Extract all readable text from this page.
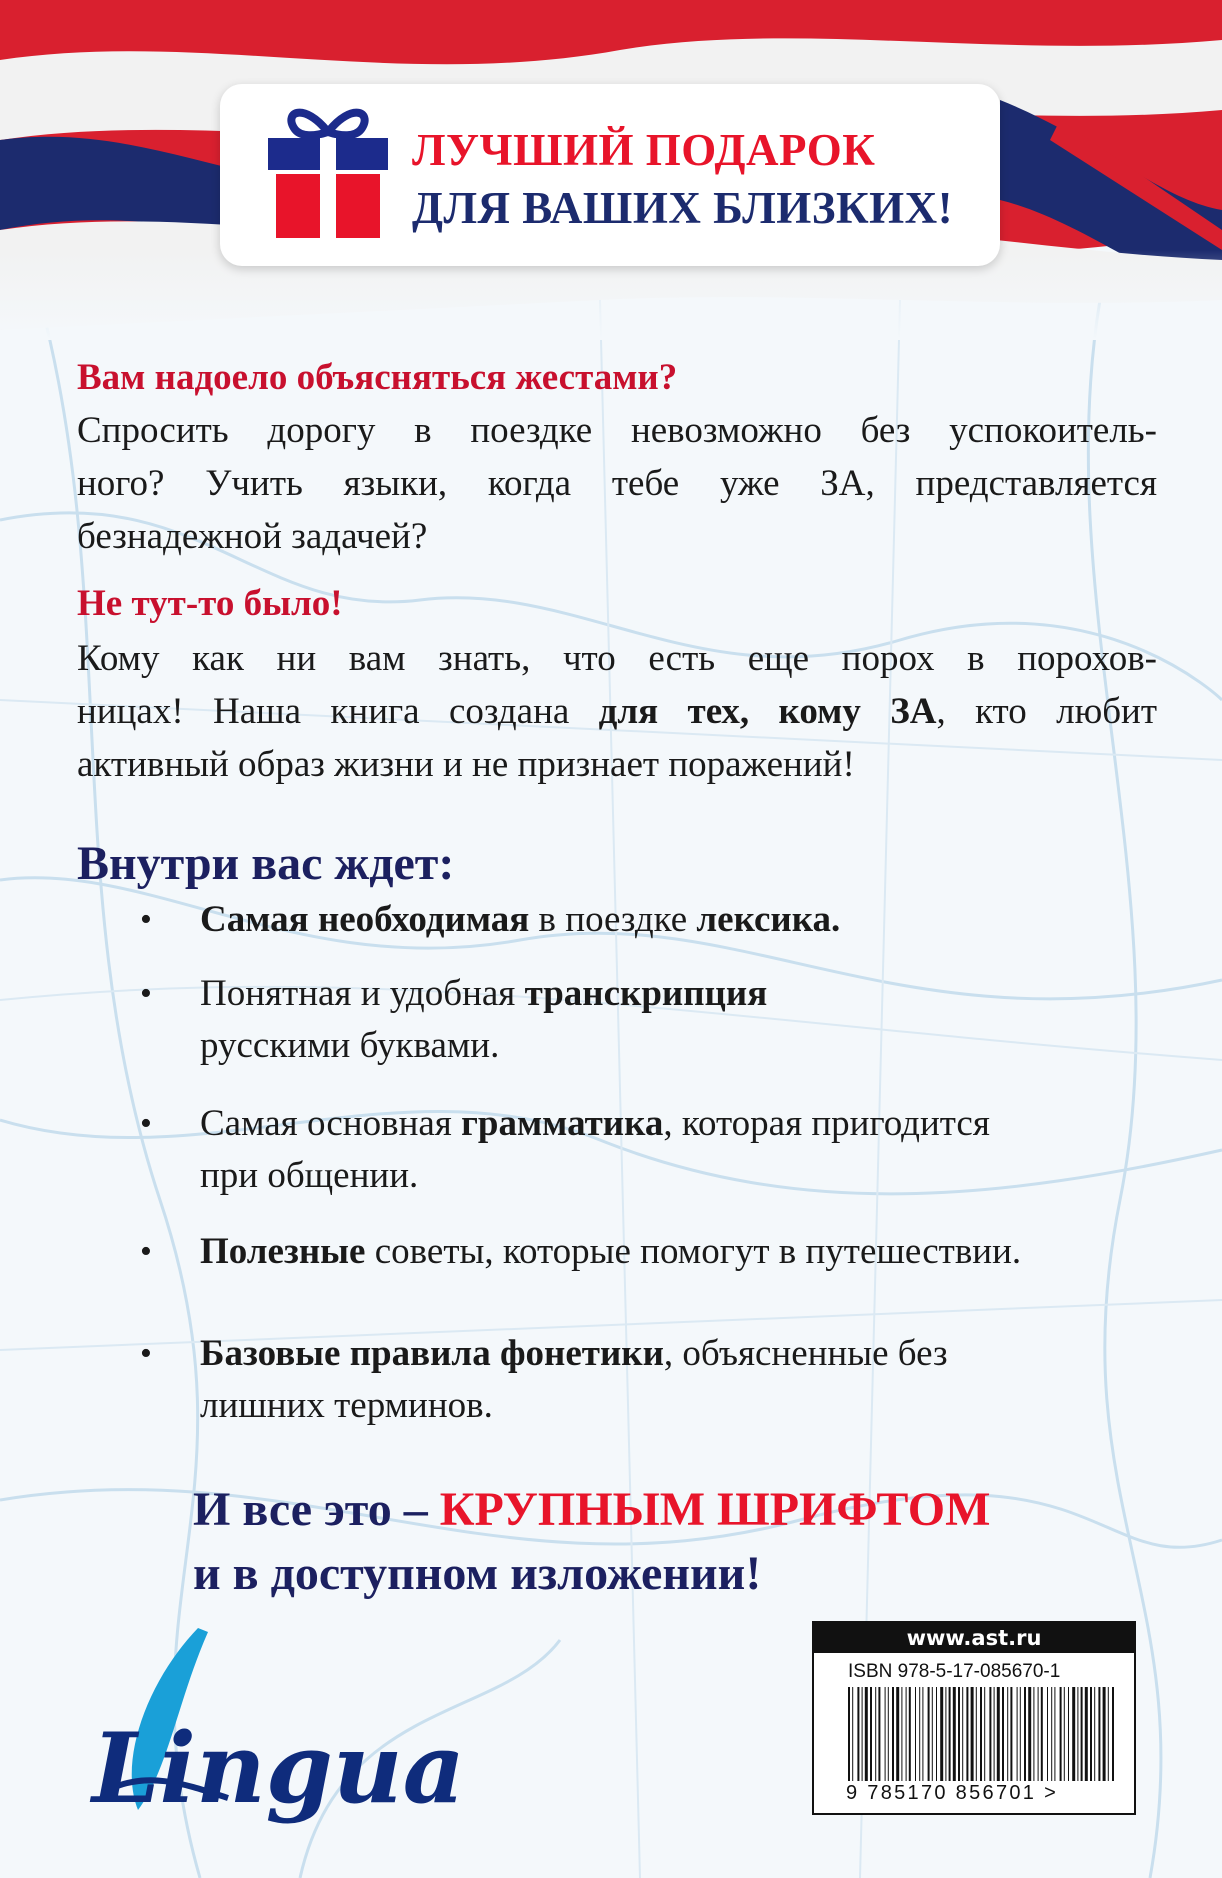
ЛУЧШИЙ ПОДАРОК
ДЛЯ ВАШИХ БЛИЗКИХ!
Вам надоело объясняться жестами?
Спросить дорогу в поездке невозможно без успокоитель-
ного? Учить языки, когда тебе уже ЗА, представляется
безнадежной задачей?
Не тут-то было!
Кому как ни вам знать, что есть еще порох в порохов-
ницах! Наша книга создана для тех, кому ЗА, кто любит
активный образ жизни и не признает поражений!
Внутри вас ждет:
•	Самая необходимая в поездке лексика.
•	Понятная и удобная транскрипция
русскими буквами.
•	Самая основная грамматика, которая пригодится
при общении.
•	Полезные советы, которые помогут в путешествии.
•	Базовые правила фонетики, объясненные без
лишних терминов.
И все это – КРУПНЫМ ШРИФТОМ
и в доступном изложении!
Lingua
www.ast.ru
ISBN 978-5-17-085670-1
9 785170 856701 >
